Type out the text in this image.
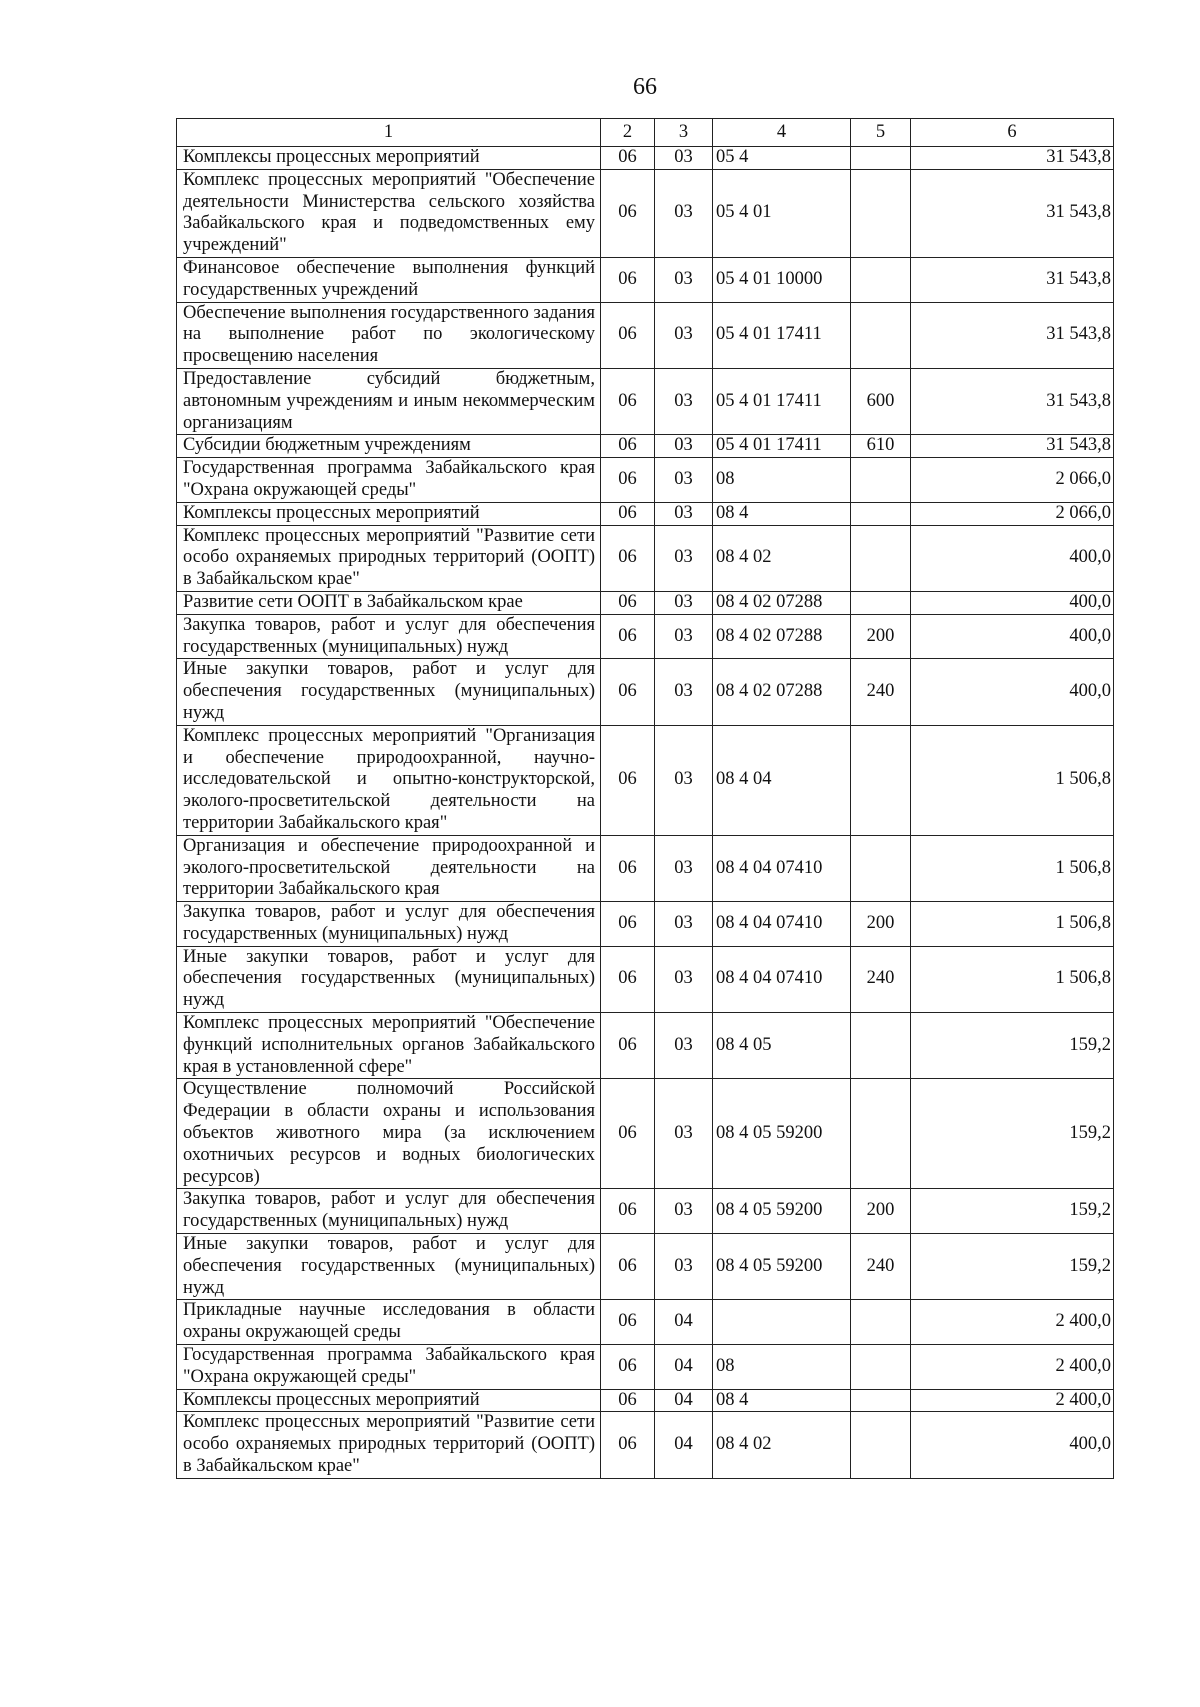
66
1	2	3	4	5	6
Комплексы процессных мероприятий	06	03	05 4		31 543,8
Комплекс процессных мероприятий "Обеспечение деятельности Министерства сельского хозяйства Забайкальского края и подведомственных ему учреждений"	06	03	05 4 01		31 543,8
Финансовое обеспечение выполнения функций государственных учреждений	06	03	05 4 01 10000		31 543,8
Обеспечение выполнения государственного задания на выполнение работ по экологическому просвещению населения	06	03	05 4 01 17411		31 543,8
Предоставление субсидий бюджетным, автономным учреждениям и иным некоммерческим организациям	06	03	05 4 01 17411	600	31 543,8
Субсидии бюджетным учреждениям	06	03	05 4 01 17411	610	31 543,8
Государственная программа Забайкальского края "Охрана окружающей среды"	06	03	08		2 066,0
Комплексы процессных мероприятий	06	03	08 4		2 066,0
Комплекс процессных мероприятий "Развитие сети особо охраняемых природных территорий (ООПТ) в Забайкальском крае"	06	03	08 4 02		400,0
Развитие сети ООПТ в Забайкальском крае	06	03	08 4 02 07288		400,0
Закупка товаров, работ и услуг для обеспечения государственных (муниципальных) нужд	06	03	08 4 02 07288	200	400,0
Иные закупки товаров, работ и услуг для обеспечения государственных (муниципальных) нужд	06	03	08 4 02 07288	240	400,0
Комплекс процессных мероприятий "Организация и обеспечение природоохранной, научно-исследовательской и опытно-конструкторской, эколого-просветительской деятельности на территории Забайкальского края"	06	03	08 4 04		1 506,8
Организация и обеспечение природоохранной и эколого-просветительской деятельности на территории Забайкальского края	06	03	08 4 04 07410		1 506,8
Закупка товаров, работ и услуг для обеспечения государственных (муниципальных) нужд	06	03	08 4 04 07410	200	1 506,8
Иные закупки товаров, работ и услуг для обеспечения государственных (муниципальных) нужд	06	03	08 4 04 07410	240	1 506,8
Комплекс процессных мероприятий "Обеспечение функций исполнительных органов Забайкальского края в установленной сфере"	06	03	08 4 05		159,2
Осуществление полномочий Российской Федерации в области охраны и использования объектов животного мира (за исключением охотничьих ресурсов и водных биологических ресурсов)	06	03	08 4 05 59200		159,2
Закупка товаров, работ и услуг для обеспечения государственных (муниципальных) нужд	06	03	08 4 05 59200	200	159,2
Иные закупки товаров, работ и услуг для обеспечения государственных (муниципальных) нужд	06	03	08 4 05 59200	240	159,2
Прикладные научные исследования в области охраны окружающей среды	06	04			2 400,0
Государственная программа Забайкальского края "Охрана окружающей среды"	06	04	08		2 400,0
Комплексы процессных мероприятий	06	04	08 4		2 400,0
Комплекс процессных мероприятий "Развитие сети особо охраняемых природных территорий (ООПТ) в Забайкальском крае"	06	04	08 4 02		400,0
